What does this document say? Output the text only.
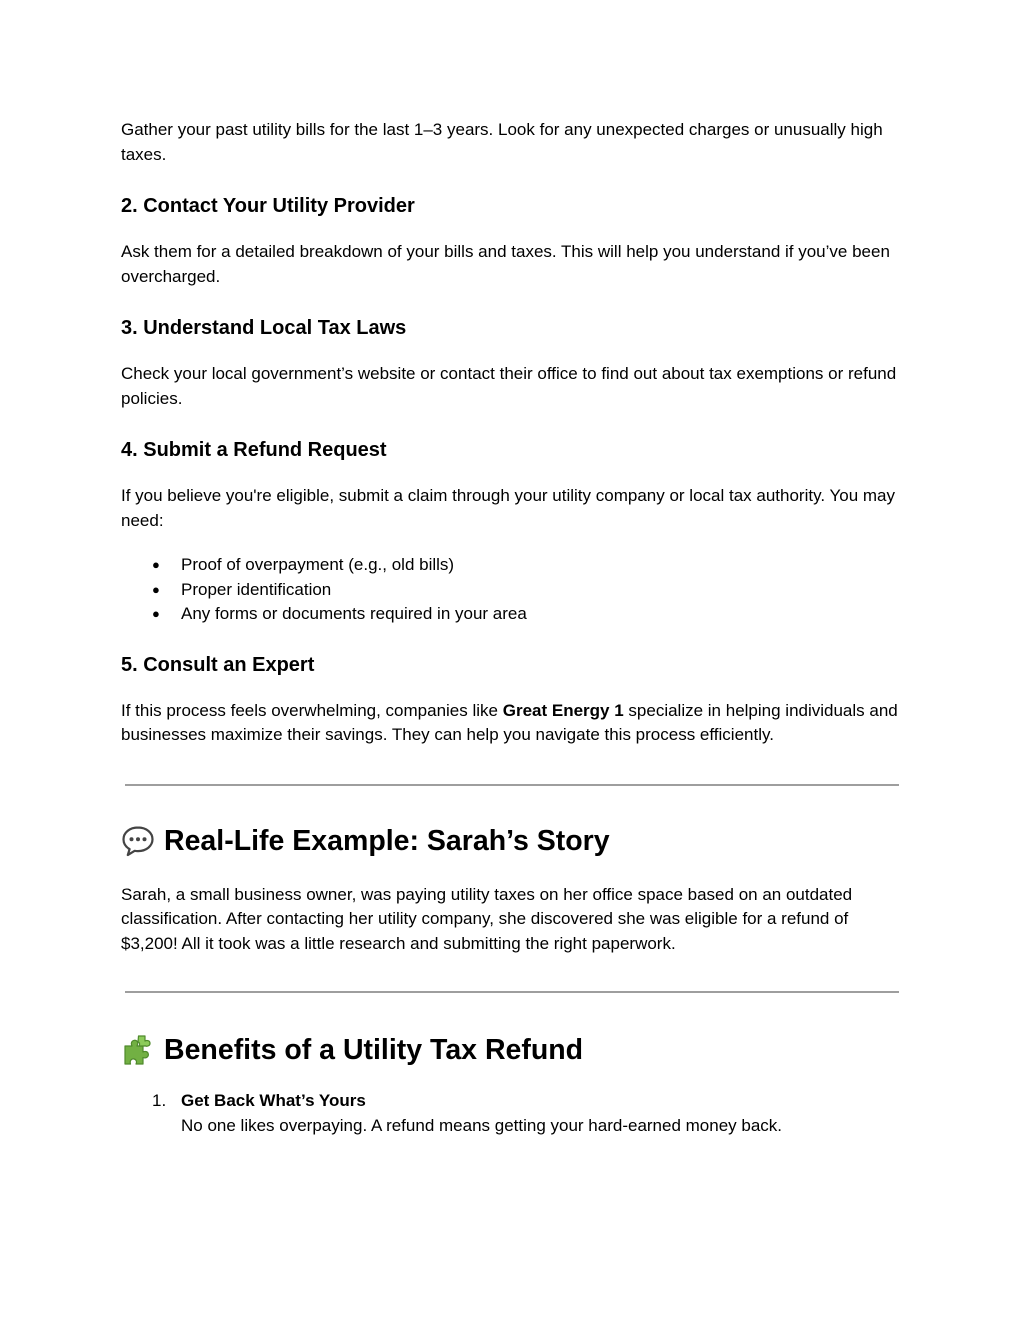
Gather your past utility bills for the last 1–3 years. Look for any unexpected charges or unusually high taxes.

2. Contact Your Utility Provider

Ask them for a detailed breakdown of your bills and taxes. This will help you understand if you’ve been overcharged.

3. Understand Local Tax Laws

Check your local government’s website or contact their office to find out about tax exemptions or refund policies.

4. Submit a Refund Request

If you believe you're eligible, submit a claim through your utility company or local tax authority. You may need:

● Proof of overpayment (e.g., old bills)
● Proper identification
● Any forms or documents required in your area
5. Consult an Expert

If this process feels overwhelming, companies like Great Energy 1 specialize in helping individuals and businesses maximize their savings. They can help you navigate this process efficiently.

Real-Life Example: Sarah’s Story

Sarah, a small business owner, was paying utility taxes on her office space based on an outdated classification. After contacting her utility company, she discovered she was eligible for a refund of $3,200! All it took was a little research and submitting the right paperwork.

Benefits of a Utility Tax Refund
1. Get Back What’s Yours
No one likes overpaying. A refund means getting your hard-earned money back.
